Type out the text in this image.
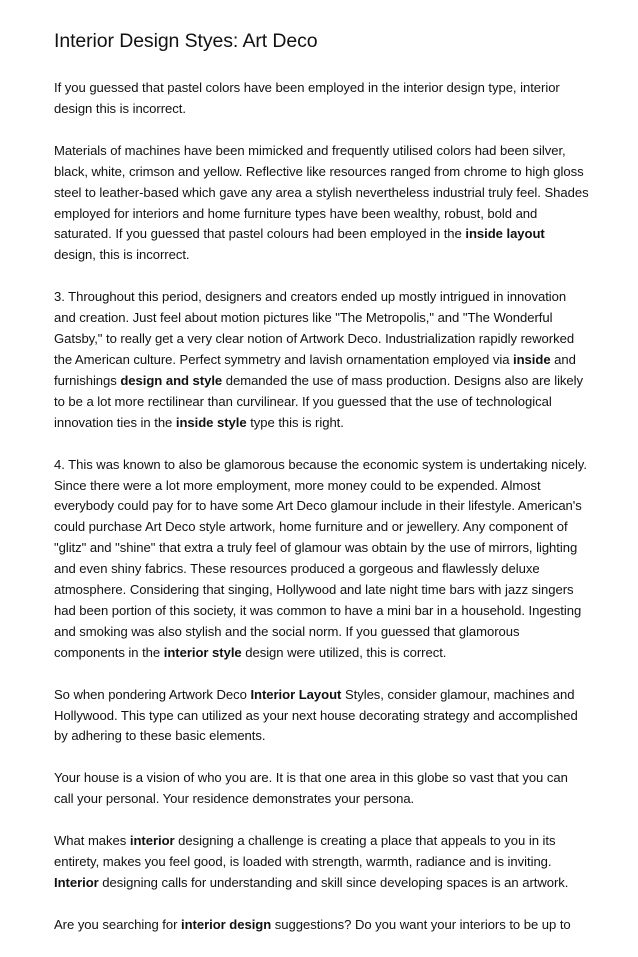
Interior Design Styes: Art Deco

If you guessed that pastel colors have been employed in the interior design type, interior design this is incorrect.

Materials of machines have been mimicked and frequently utilised colors had been silver, black, white, crimson and yellow. Reflective like resources ranged from chrome to high gloss steel to leather-based which gave any area a stylish nevertheless industrial truly feel. Shades employed for interiors and home furniture types have been wealthy, robust, bold and saturated. If you guessed that pastel colours had been employed in the inside layout design, this is incorrect.

3. Throughout this period, designers and creators ended up mostly intrigued in innovation and creation. Just feel about motion pictures like "The Metropolis," and "The Wonderful Gatsby," to really get a very clear notion of Artwork Deco. Industrialization rapidly reworked the American culture. Perfect symmetry and lavish ornamentation employed via inside and furnishings design and style demanded the use of mass production. Designs also are likely to be a lot more rectilinear than curvilinear. If you guessed that the use of technological innovation ties in the inside style type this is right.

4. This was known to also be glamorous because the economic system is undertaking nicely. Since there were a lot more employment, more money could to be expended. Almost everybody could pay for to have some Art Deco glamour include in their lifestyle. American's could purchase Art Deco style artwork, home furniture and or jewellery. Any component of "glitz" and "shine" that extra a truly feel of glamour was obtain by the use of mirrors, lighting and even shiny fabrics. These resources produced a gorgeous and flawlessly deluxe atmosphere. Considering that singing, Hollywood and late night time bars with jazz singers had been portion of this society, it was common to have a mini bar in a household. Ingesting and smoking was also stylish and the social norm. If you guessed that glamorous components in the interior style design were utilized, this is correct.

So when pondering Artwork Deco Interior Layout Styles, consider glamour, machines and Hollywood. This type can utilized as your next house decorating strategy and accomplished by adhering to these basic elements.

Your house is a vision of who you are. It is that one area in this globe so vast that you can call your personal. Your residence demonstrates your persona.

What makes interior designing a challenge is creating a place that appeals to you in its entirety, makes you feel good, is loaded with strength, warmth, radiance and is inviting. Interior designing calls for understanding and skill since developing spaces is an artwork.

Are you searching for interior design suggestions? Do you want your interiors to be up to
